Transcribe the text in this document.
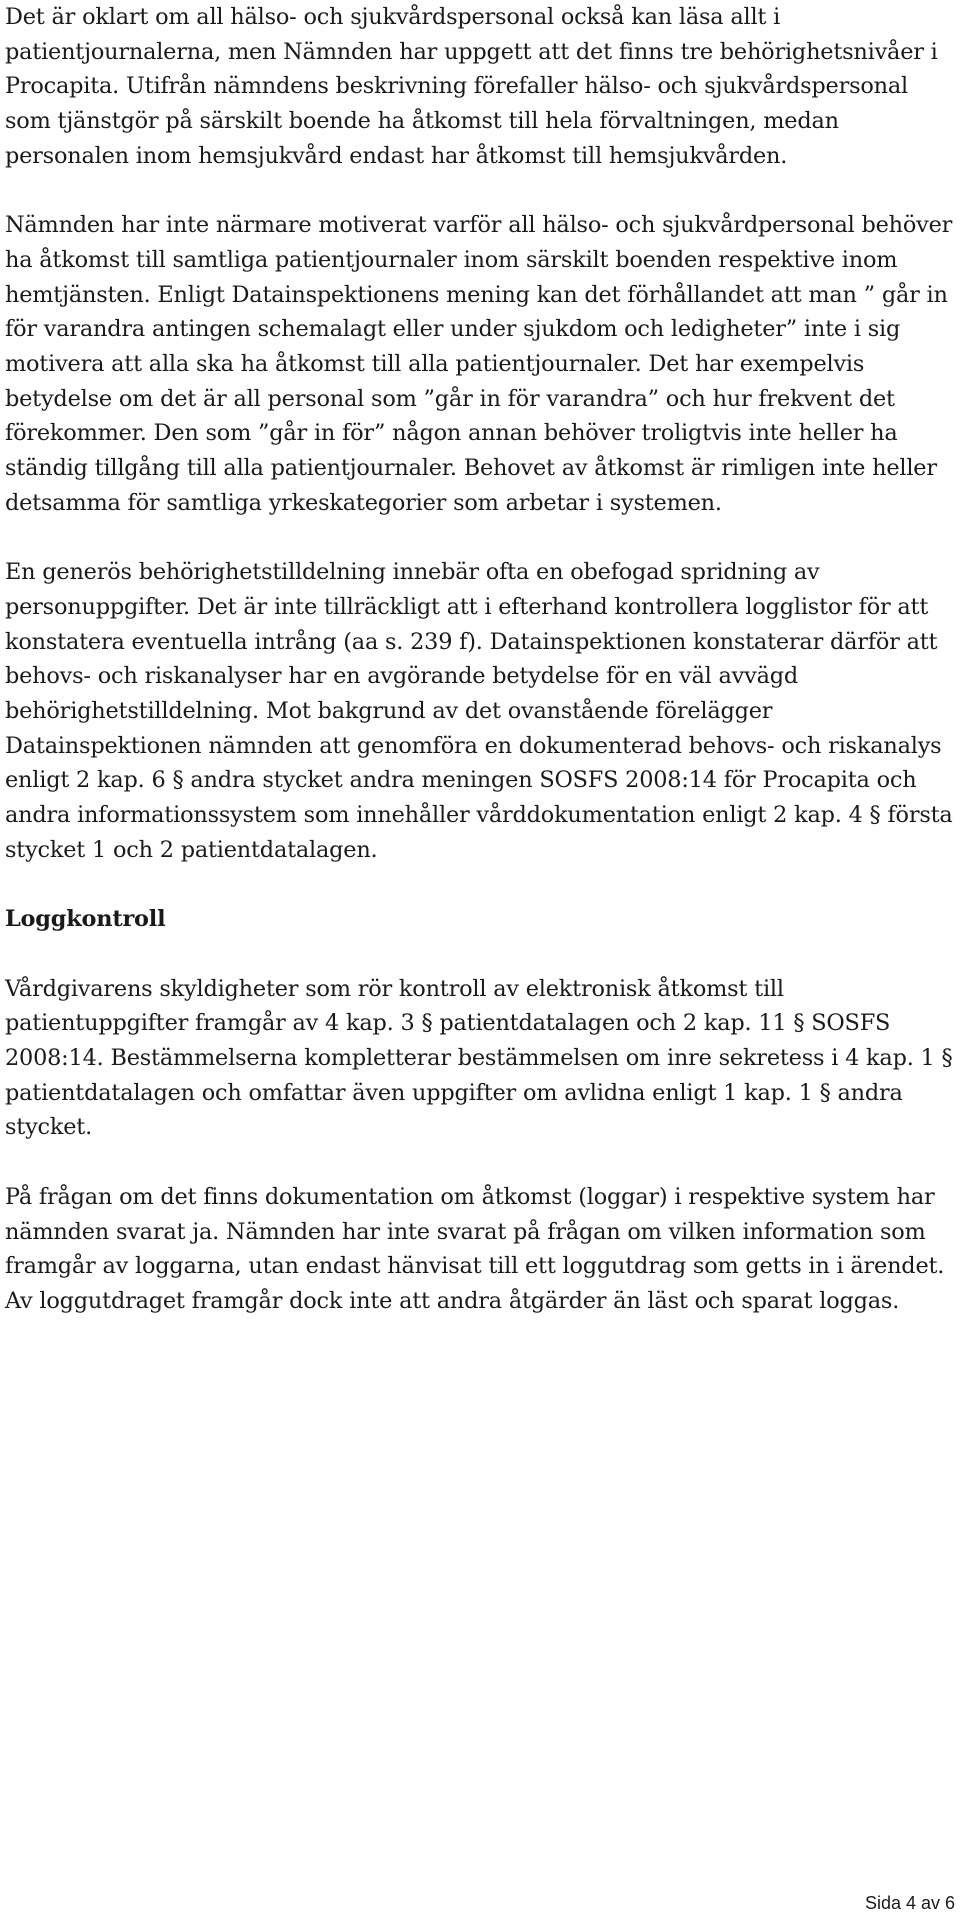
Det är oklart om all hälso- och sjukvårdspersonal också kan läsa allt i patientjournalerna, men Nämnden har uppgett att det finns tre behörighetsnivåer i Procapita. Utifrån nämndens beskrivning förefaller hälso- och sjukvårdspersonal som tjänstgör på särskilt boende ha åtkomst till hela förvaltningen, medan personalen inom hemsjukvård endast har åtkomst till hemsjukvården.

Nämnden har inte närmare motiverat varför all hälso- och sjukvårdpersonal behöver ha åtkomst till samtliga patientjournaler inom särskilt boenden respektive inom hemtjänsten. Enligt Datainspektionens mening kan det förhållandet att man ” går in för varandra antingen schemalagt eller under sjukdom och ledigheter” inte i sig motivera att alla ska ha åtkomst till alla patientjournaler. Det har exempelvis betydelse om det är all personal som ”går in för varandra” och hur frekvent det förekommer. Den som ”går in för” någon annan behöver troligtvis inte heller ha ständig tillgång till alla patientjournaler. Behovet av åtkomst är rimligen inte heller detsamma för samtliga yrkeskategorier som arbetar i systemen.

En generös behörighetstilldelning innebär ofta en obefogad spridning av personuppgifter. Det är inte tillräckligt att i efterhand kontrollera logglistor för att konstatera eventuella intrång (aa s. 239 f). Datainspektionen konstaterar därför att behovs- och riskanalyser har en avgörande betydelse för en väl avvägd behörighetstilldelning. Mot bakgrund av det ovanstående förelägger Datainspektionen nämnden att genomföra en dokumenterad behovs- och riskanalys enligt 2 kap. 6 § andra stycket andra meningen SOSFS 2008:14 för Procapita och andra informationssystem som innehåller vårddokumentation enligt 2 kap. 4 § första stycket 1 och 2 patientdatalagen.

Loggkontroll

Vårdgivarens skyldigheter som rör kontroll av elektronisk åtkomst till patientuppgifter framgår av 4 kap. 3 § patientdatalagen och 2 kap. 11 § SOSFS 2008:14. Bestämmelserna kompletterar bestämmelsen om inre sekretess i 4 kap. 1 § patientdatalagen och omfattar även uppgifter om avlidna enligt 1 kap. 1 § andra stycket.

På frågan om det finns dokumentation om åtkomst (loggar) i respektive system har nämnden svarat ja. Nämnden har inte svarat på frågan om vilken information som framgår av loggarna, utan endast hänvisat till ett loggutdrag som getts in i ärendet. Av loggutdraget framgår dock inte att andra åtgärder än läst och sparat loggas.

Sida 4 av 6
